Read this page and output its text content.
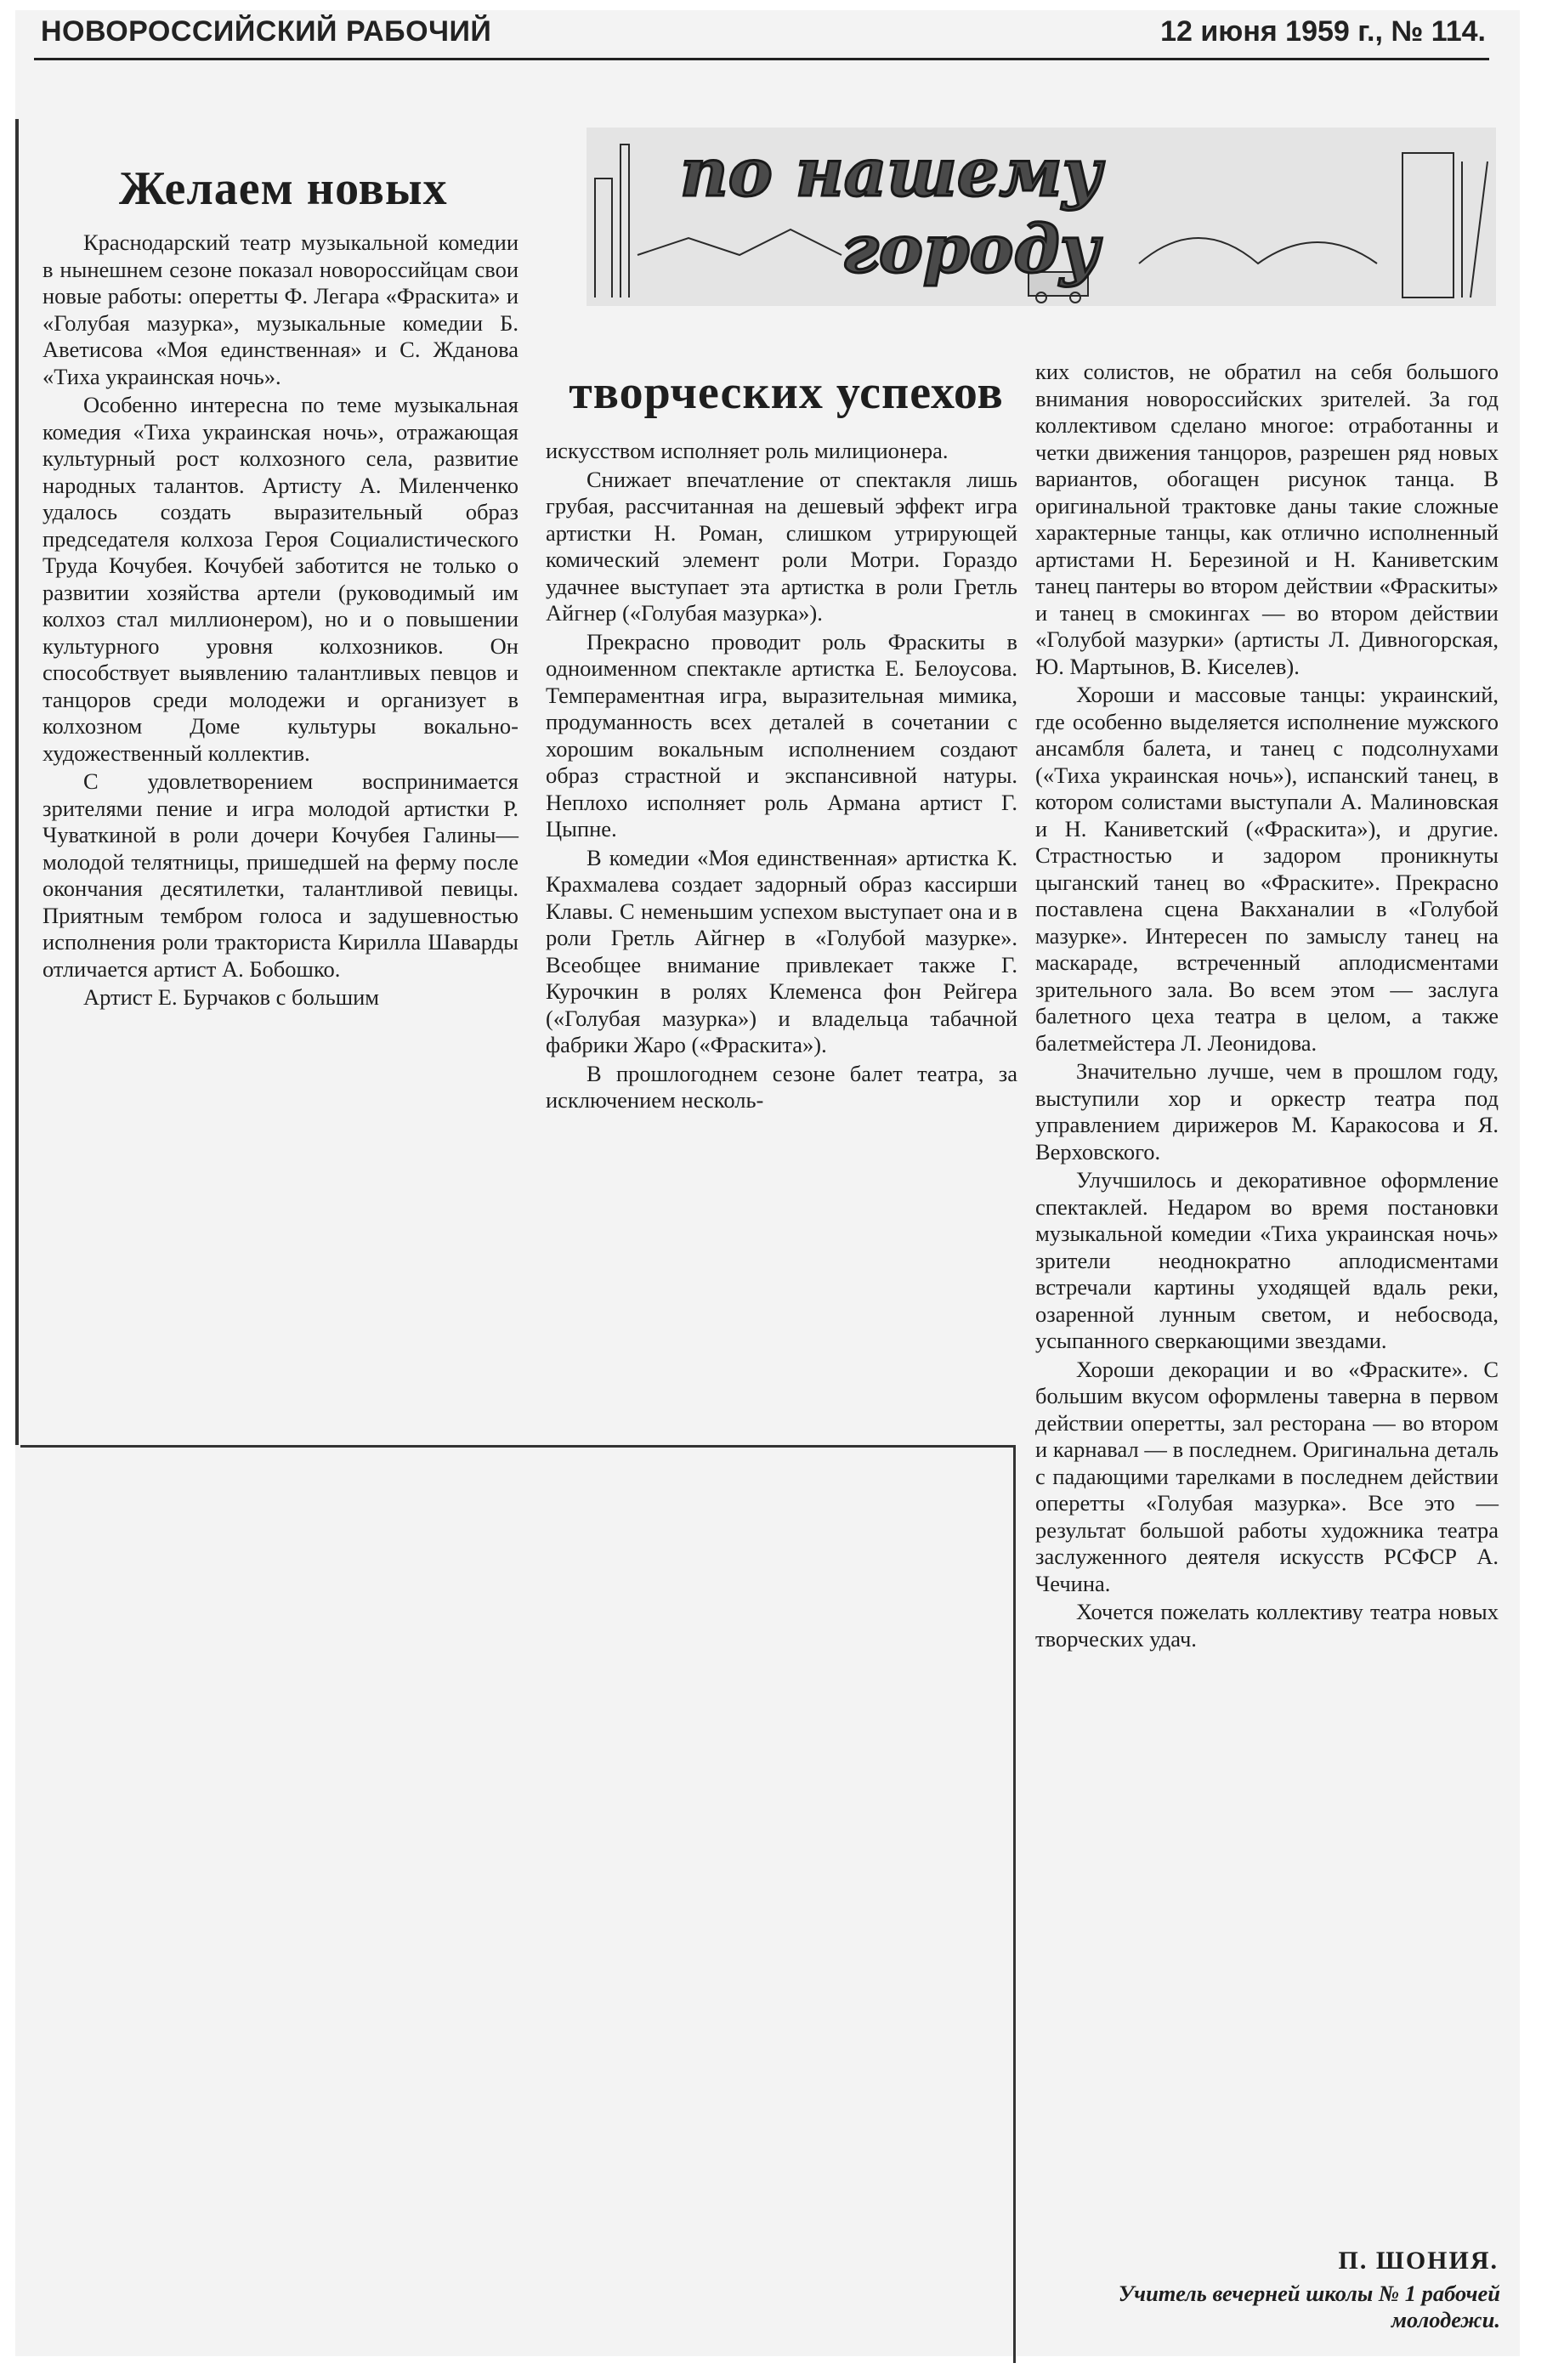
НОВОРОССИЙСКИЙ РАБОЧИЙ	12 июня 1959 г., № 114.
по нашему
городу
Желаем новых
творческих успехов

Краснодарский театр музыкальной комедии в нынешнем сезоне показал новороссийцам свои новые работы: оперетты Ф. Легара «Фраскита» и «Голубая мазурка», музыкальные комедии Б. Аветисова «Моя единственная» и С. Жданова «Тиха украинская ночь».

Особенно интересна по теме музыкальная комедия «Тиха украинская ночь», отражающая культурный рост колхозного села, развитие народных талантов. Артисту А. Миленченко удалось создать выразительный образ председателя колхоза Героя Социалистического Труда Кочубея. Кочубей заботится не только о развитии хозяйства артели (руководимый им колхоз стал миллионером), но и о повышении культурного уровня колхозников. Он способствует выявлению талантливых певцов и танцоров среди молодежи и организует в колхозном Доме культуры вокально-художественный коллектив.

С удовлетворением воспринимается зрителями пение и игра молодой артистки Р. Чуваткиной в роли дочери Кочубея Галины—молодой телятницы, пришедшей на ферму после окончания десятилетки, талантливой певицы. Приятным тембром голоса и задушевностью исполнения роли тракториста Кирилла Шаварды отличается артист А. Бобошко.

Артист Е. Бурчаков с большим

искусством исполняет роль милиционера.

Снижает впечатление от спектакля лишь грубая, рассчитанная на дешевый эффект игра артистки Н. Роман, слишком утрирующей комический элемент роли Мотри. Гораздо удачнее выступает эта артистка в роли Гретль Айгнер («Голубая мазурка»).

Прекрасно проводит роль Фраскиты в одноименном спектакле артистка Е. Белоусова. Темпераментная игра, выразительная мимика, продуманность всех деталей в сочетании с хорошим вокальным исполнением создают образ страстной и экспансивной натуры. Неплохо исполняет роль Армана артист Г. Цыпне.

В комедии «Моя единственная» артистка К. Крахмалева создает задорный образ кассирши Клавы. С неменьшим успехом выступает она и в роли Гретль Айгнер в «Голубой мазурке». Всеобщее внимание привлекает также Г. Курочкин в ролях Клеменса фон Рейгера («Голубая мазурка») и владельца табачной фабрики Жаро («Фраскита»).

В прошлогоднем сезоне балет театра, за исключением несколь-

ких солистов, не обратил на себя большого внимания новороссийских зрителей. За год коллективом сделано многое: отработанны и четки движения танцоров, разрешен ряд новых вариантов, обогащен рисунок танца. В оригинальной трактовке даны такие сложные характерные танцы, как отлично исполненный артистами Н. Березиной и Н. Каниветским танец пантеры во втором действии «Фраскиты» и танец в смокингах — во втором действии «Голубой мазурки» (артисты Л. Дивногорская, Ю. Мартынов, В. Киселев).

Хороши и массовые танцы: украинский, где особенно выделяется исполнение мужского ансамбля балета, и танец с подсолнухами («Тиха украинская ночь»), испанский танец, в котором солистами выступали А. Малиновская и Н. Каниветский («Фраскита»), и другие. Страстностью и задором проникнуты цыганский танец во «Фраските». Прекрасно поставлена сцена Вакханалии в «Голубой мазурке». Интересен по замыслу танец на маскараде, встреченный аплодисментами зрительного зала. Во всем этом — заслуга балетного цеха театра в целом, а также балетмейстера Л. Леонидова.

Значительно лучше, чем в прошлом году, выступили хор и оркестр театра под управлением дирижеров М. Каракосова и Я. Верховского.

Улучшилось и декоративное оформление спектаклей. Недаром во время постановки музыкальной комедии «Тиха украинская ночь» зрители неоднократно аплодисментами встречали картины уходящей вдаль реки, озаренной лунным светом, и небосвода, усыпанного сверкающими звездами.

Хороши декорации и во «Фраските». С большим вкусом оформлены таверна в первом действии оперетты, зал ресторана — во втором и карнавал — в последнем. Оригинальна деталь с падающими тарелками в последнем действии оперетты «Голубая мазурка». Все это — результат большой работы художника театра заслуженного деятеля искусств РСФСР А. Чечина.

Хочется пожелать коллективу театра новых творческих удач.

П. ШОНИЯ.
Учитель вечерней школы № 1 рабочей молодежи.
